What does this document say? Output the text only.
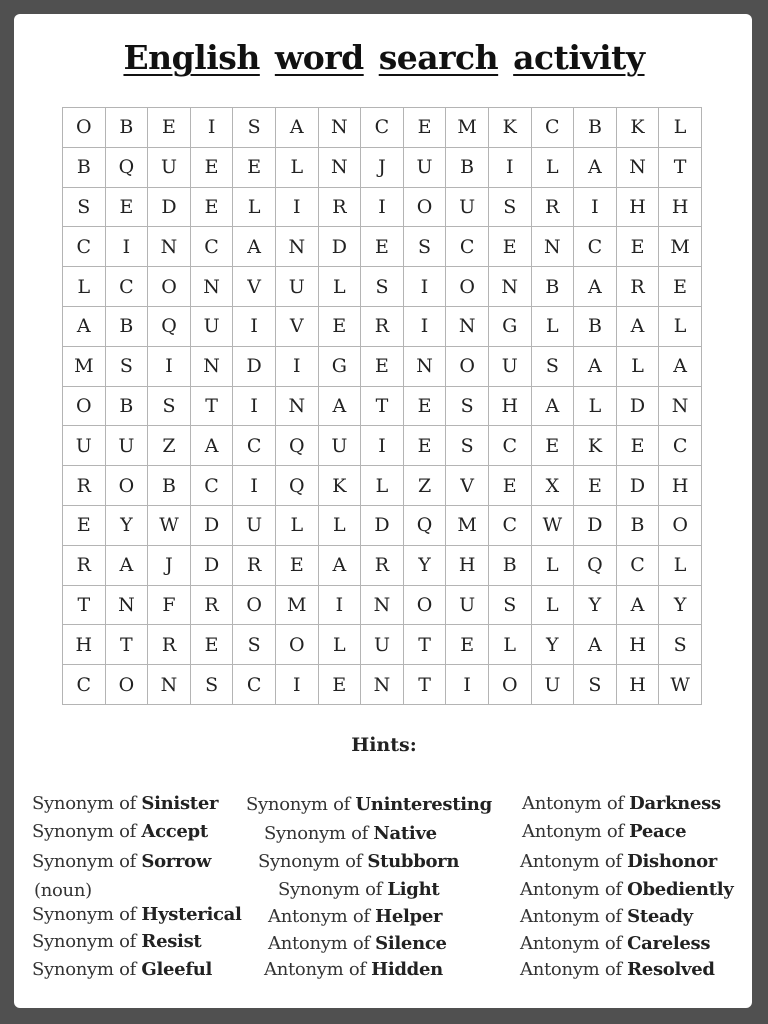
English word search activity
O	B	E	I	S	A	N	C	E	M	K	C	B	K	L
B	Q	U	E	E	L	N	J	U	B	I	L	A	N	T
S	E	D	E	L	I	R	I	O	U	S	R	I	H	H
C	I	N	C	A	N	D	E	S	C	E	N	C	E	M
L	C	O	N	V	U	L	S	I	O	N	B	A	R	E
A	B	Q	U	I	V	E	R	I	N	G	L	B	A	L
M	S	I	N	D	I	G	E	N	O	U	S	A	L	A
O	B	S	T	I	N	A	T	E	S	H	A	L	D	N
U	U	Z	A	C	Q	U	I	E	S	C	E	K	E	C
R	O	B	C	I	Q	K	L	Z	V	E	X	E	D	H
E	Y	W	D	U	L	L	D	Q	M	C	W	D	B	O
R	A	J	D	R	E	A	R	Y	H	B	L	Q	C	L
T	N	F	R	O	M	I	N	O	U	S	L	Y	A	Y
H	T	R	E	S	O	L	U	T	E	L	Y	A	H	S
C	O	N	S	C	I	E	N	T	I	O	U	S	H	W
Hints:
Synonym of Sinister
Synonym of Accept
Synonym of Sorrow
(noun)
Synonym of Hysterical
Synonym of Resist
Synonym of Gleeful
Synonym of Uninteresting
Synonym of Native
Synonym of Stubborn
Synonym of Light
Antonym of Helper
Antonym of Silence
Antonym of Hidden
Antonym of Darkness
Antonym of Peace
Antonym of Dishonor
Antonym of Obediently
Antonym of Steady
Antonym of Careless
Antonym of Resolved
